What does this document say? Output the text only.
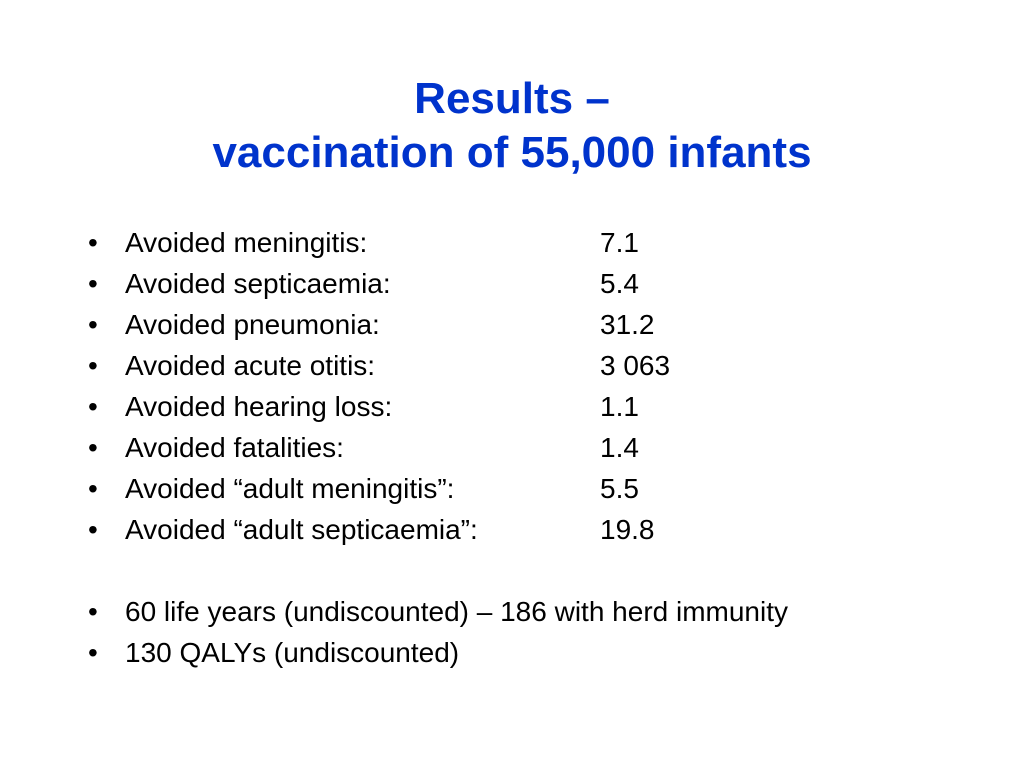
Results –
vaccination of 55,000 infants
• Avoided meningitis:	7.1
• Avoided septicaemia:	5.4
• Avoided pneumonia:	31.2
• Avoided acute otitis:	3 063
• Avoided hearing loss:	1.1
• Avoided fatalities:	1.4
• Avoided “adult meningitis”:	5.5
• Avoided “adult septicaemia”:	19.8
• 60 life years (undiscounted) – 186 with herd immunity
• 130 QALYs (undiscounted)
